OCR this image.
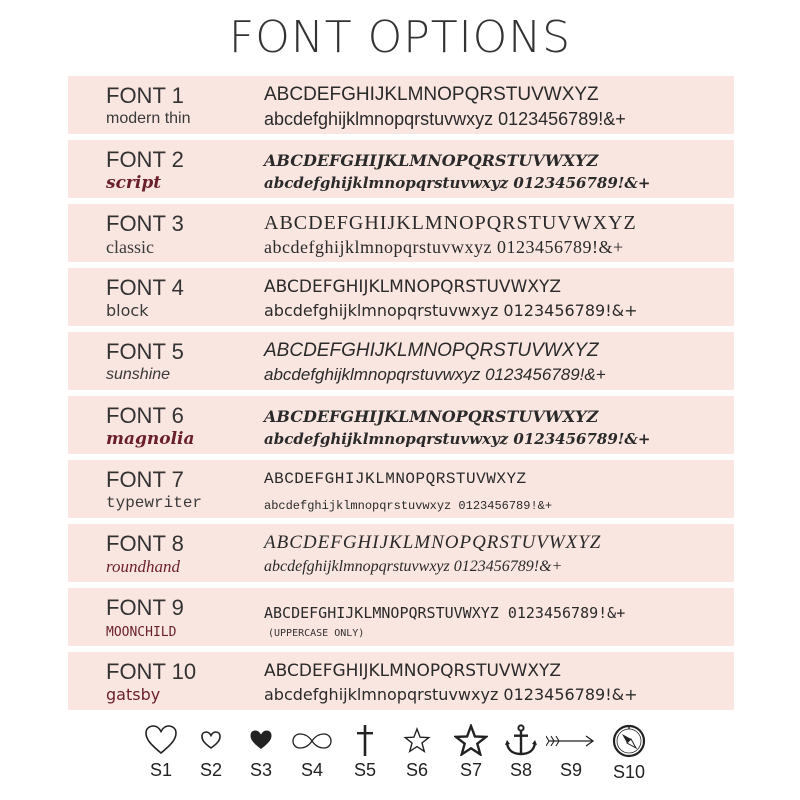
FONT OPTIONS
FONT 1
modern thin
ABCDEFGHIJKLMNOPQRSTUVWXYZ
abcdefghijklmnopqrstuvwxyz 0123456789!&+
FONT 2
script
ABCDEFGHIJKLMNOPQRSTUVWXYZ
abcdefghijklmnopqrstuvwxyz 0123456789!&+
FONT 3
classic
ABCDEFGHIJKLMNOPQRSTUVWXYZ
abcdefghijklmnopqrstuvwxyz 0123456789!&+
FONT 4
block
ABCDEFGHIJKLMNOPQRSTUVWXYZ
abcdefghijklmnopqrstuvwxyz 0123456789!&+
FONT 5
sunshine
ABCDEFGHIJKLMNOPQRSTUVWXYZ
abcdefghijklmnopqrstuvwxyz 0123456789!&+
FONT 6
magnolia
ABCDEFGHIJKLMNOPQRSTUVWXYZ
abcdefghijklmnopqrstuvwxyz 0123456789!&+
FONT 7
typewriter
ABCDEFGHIJKLMNOPQRSTUVWXYZ
abcdefghijklmnopqrstuvwxyz 0123456789!&+
FONT 8
roundhand
ABCDEFGHIJKLMNOPQRSTUVWXYZ
abcdefghijklmnopqrstuvwxyz 0123456789!&+
FONT 9
MOONCHILD
ABCDEFGHIJKLMNOPQRSTUVWXYZ 0123456789!&+
(UPPERCASE ONLY)
FONT 10
gatsby
ABCDEFGHIJKLMNOPQRSTUVWXYZ
abcdefghijklmnopqrstuvwxyz 0123456789!&+
S1	S2	S3	S4	S5	S6	S7	S8	S9	S10
